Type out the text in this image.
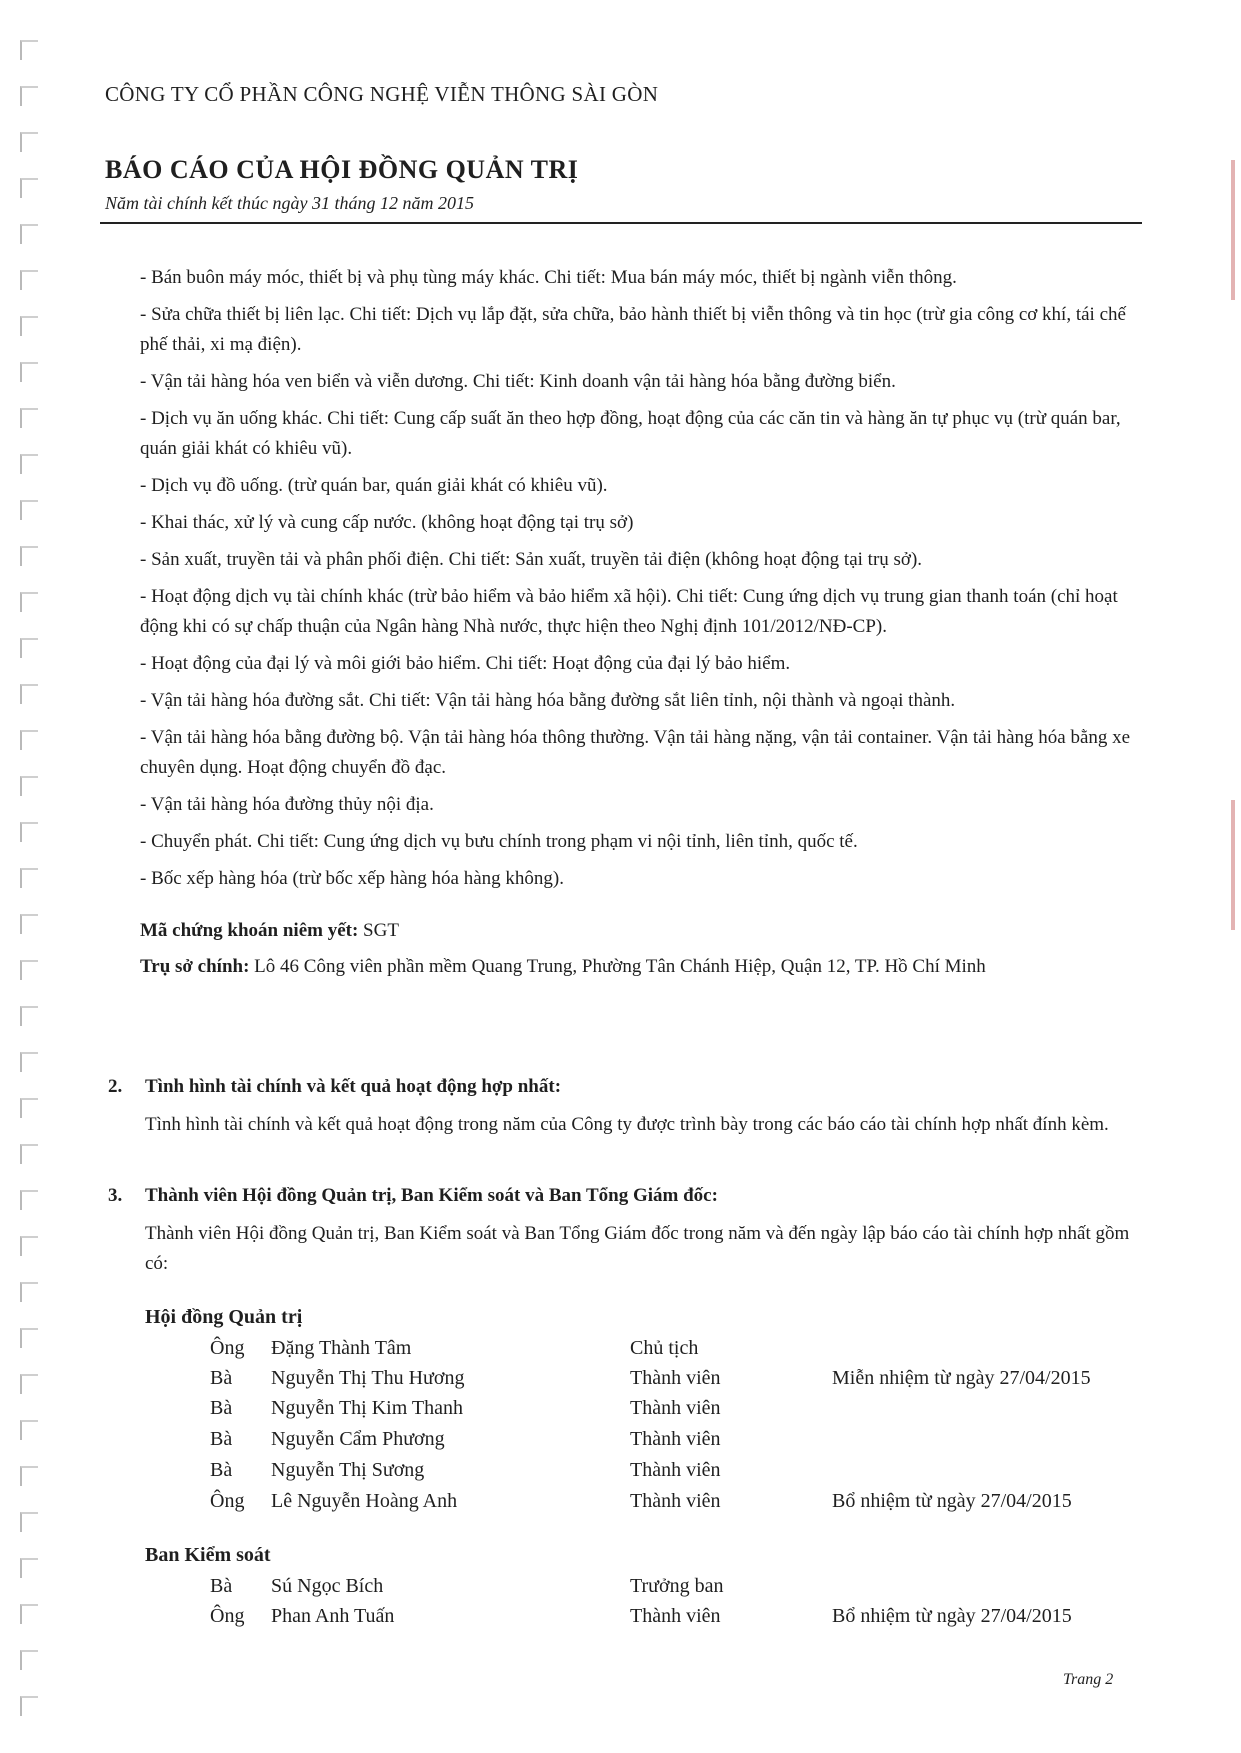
CÔNG TY CỔ PHẦN CÔNG NGHỆ VIỄN THÔNG SÀI GÒN
BÁO CÁO CỦA HỘI ĐỒNG QUẢN TRỊ
Năm tài chính kết thúc ngày 31 tháng 12 năm 2015
- Bán buôn máy móc, thiết bị và phụ tùng máy khác. Chi tiết: Mua bán máy móc, thiết bị ngành viễn thông.
- Sửa chữa thiết bị liên lạc. Chi tiết: Dịch vụ lắp đặt, sửa chữa, bảo hành thiết bị viễn thông và tin học (trừ gia công cơ khí, tái chế phế thải, xi mạ điện).
- Vận tải hàng hóa ven biển và viễn dương. Chi tiết: Kinh doanh vận tải hàng hóa bằng đường biển.
- Dịch vụ ăn uống khác. Chi tiết: Cung cấp suất ăn theo hợp đồng, hoạt động của các căn tin và hàng ăn tự phục vụ (trừ quán bar, quán giải khát có khiêu vũ).
- Dịch vụ đồ uống. (trừ quán bar, quán giải khát có khiêu vũ).
- Khai thác, xử lý và cung cấp nước. (không hoạt động tại trụ sở)
- Sản xuất, truyền tải và phân phối điện. Chi tiết: Sản xuất, truyền tải điện (không hoạt động tại trụ sở).
- Hoạt động dịch vụ tài chính khác (trừ bảo hiểm và bảo hiểm xã hội). Chi tiết: Cung ứng dịch vụ trung gian thanh toán (chỉ hoạt động khi có sự chấp thuận của Ngân hàng Nhà nước, thực hiện theo Nghị định 101/2012/NĐ-CP).
- Hoạt động của đại lý và môi giới bảo hiểm. Chi tiết: Hoạt động của đại lý bảo hiểm.
- Vận tải hàng hóa đường sắt. Chi tiết: Vận tải hàng hóa bằng đường sắt liên tỉnh, nội thành và ngoại thành.
- Vận tải hàng hóa bằng đường bộ. Vận tải hàng hóa thông thường. Vận tải hàng nặng, vận tải container. Vận tải hàng hóa bằng xe chuyên dụng. Hoạt động chuyển đồ đạc.
- Vận tải hàng hóa đường thủy nội địa.
- Chuyển phát. Chi tiết: Cung ứng dịch vụ bưu chính trong phạm vi nội tỉnh, liên tỉnh, quốc tế.
- Bốc xếp hàng hóa (trừ bốc xếp hàng hóa hàng không).
Mã chứng khoán niêm yết: SGT
Trụ sở chính: Lô 46 Công viên phần mềm Quang Trung, Phường Tân Chánh Hiệp, Quận 12, TP. Hồ Chí Minh
2. Tình hình tài chính và kết quả hoạt động hợp nhất:
Tình hình tài chính và kết quả hoạt động trong năm của Công ty được trình bày trong các báo cáo tài chính hợp nhất đính kèm.
3. Thành viên Hội đồng Quản trị, Ban Kiểm soát và Ban Tổng Giám đốc:
Thành viên Hội đồng Quản trị, Ban Kiểm soát và Ban Tổng Giám đốc trong năm và đến ngày lập báo cáo tài chính hợp nhất gồm có:
Hội đồng Quản trị
Ông Đặng Thành Tâm	Chủ tịch
Bà Nguyễn Thị Thu Hương	Thành viên	Miễn nhiệm từ ngày 27/04/2015
Bà Nguyễn Thị Kim Thanh	Thành viên
Bà Nguyễn Cẩm Phương	Thành viên
Bà Nguyễn Thị Sương	Thành viên
Ông Lê Nguyễn Hoàng Anh	Thành viên	Bổ nhiệm từ ngày 27/04/2015
Ban Kiểm soát
Bà Sú Ngọc Bích	Trưởng ban
Ông Phan Anh Tuấn	Thành viên	Bổ nhiệm từ ngày 27/04/2015
Trang 2
